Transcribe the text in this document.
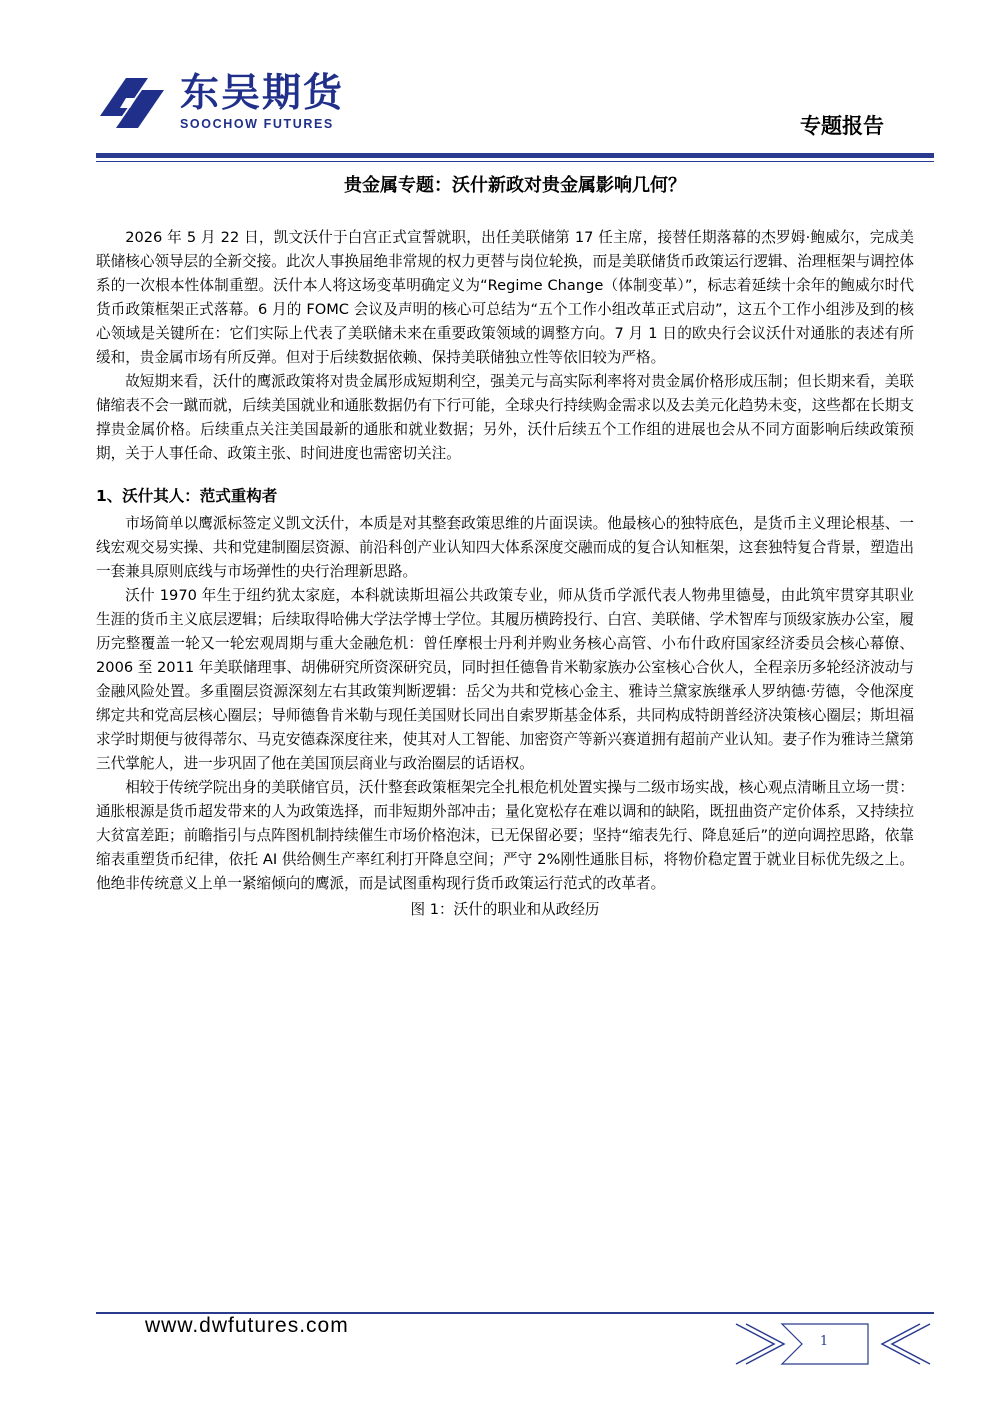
东吴期货
SOOCHOW FUTURES	专题报告
贵金属专题：沃什新政对贵金属影响几何？

2026 年 5 月 22 日，凯文沃什于白宫正式宣誓就职，出任美联储第 17 任主席，接替任期落幕的杰罗姆·鲍威尔，完成美联储核心领导层的全新交接。此次人事换届绝非常规的权力更替与岗位轮换，而是美联储货币政策运行逻辑、治理框架与调控体系的一次根本性体制重塑。沃什本人将这场变革明确定义为“Regime Change（体制变革）”，标志着延续十余年的鲍威尔时代货币政策框架正式落幕。6 月的 FOMC 会议及声明的核心可总结为“五个工作小组改革正式启动”，这五个工作小组涉及到的核心领域是关键所在：它们实际上代表了美联储未来在重要政策领域的调整方向。7 月 1 日的欧央行会议沃什对通胀的表述有所缓和，贵金属市场有所反弹。但对于后续数据依赖、保持美联储独立性等依旧较为严格。

故短期来看，沃什的鹰派政策将对贵金属形成短期利空，强美元与高实际利率将对贵金属价格形成压制；但长期来看，美联储缩表不会一蹴而就，后续美国就业和通胀数据仍有下行可能，全球央行持续购金需求以及去美元化趋势未变，这些都在长期支撑贵金属价格。后续重点关注美国最新的通胀和就业数据；另外，沃什后续五个工作组的进展也会从不同方面影响后续政策预期，关于人事任命、政策主张、时间进度也需密切关注。

1、沃什其人：范式重构者

市场简单以鹰派标签定义凯文沃什，本质是对其整套政策思维的片面误读。他最核心的独特底色，是货币主义理论根基、一线宏观交易实操、共和党建制圈层资源、前沿科创产业认知四大体系深度交融而成的复合认知框架，这套独特复合背景，塑造出一套兼具原则底线与市场弹性的央行治理新思路。

沃什 1970 年生于纽约犹太家庭，本科就读斯坦福公共政策专业，师从货币学派代表人物弗里德曼，由此筑牢贯穿其职业生涯的货币主义底层逻辑；后续取得哈佛大学法学博士学位。其履历横跨投行、白宫、美联储、学术智库与顶级家族办公室，履历完整覆盖一轮又一轮宏观周期与重大金融危机：曾任摩根士丹利并购业务核心高管、小布什政府国家经济委员会核心幕僚、2006 至 2011 年美联储理事、胡佛研究所资深研究员，同时担任德鲁肯米勒家族办公室核心合伙人，全程亲历多轮经济波动与金融风险处置。多重圈层资源深刻左右其政策判断逻辑：岳父为共和党核心金主、雅诗兰黛家族继承人罗纳德·劳德，令他深度绑定共和党高层核心圈层；导师德鲁肯米勒与现任美国财长同出自索罗斯基金体系，共同构成特朗普经济决策核心圈层；斯坦福求学时期便与彼得蒂尔、马克安德森深度往来，使其对人工智能、加密资产等新兴赛道拥有超前产业认知。妻子作为雅诗兰黛第三代掌舵人，进一步巩固了他在美国顶层商业与政治圈层的话语权。

相较于传统学院出身的美联储官员，沃什整套政策框架完全扎根危机处置实操与二级市场实战，核心观点清晰且立场一贯：通胀根源是货币超发带来的人为政策选择，而非短期外部冲击；量化宽松存在难以调和的缺陷，既扭曲资产定价体系，又持续拉大贫富差距；前瞻指引与点阵图机制持续催生市场价格泡沫，已无保留必要；坚持“缩表先行、降息延后”的逆向调控思路，依靠缩表重塑货币纪律，依托 AI 供给侧生产率红利打开降息空间；严守 2%刚性通胀目标，将物价稳定置于就业目标优先级之上。他绝非传统意义上单一紧缩倾向的鹰派，而是试图重构现行货币政策运行范式的改革者。

图 1：沃什的职业和从政经历
www.dwfutures.com
1
